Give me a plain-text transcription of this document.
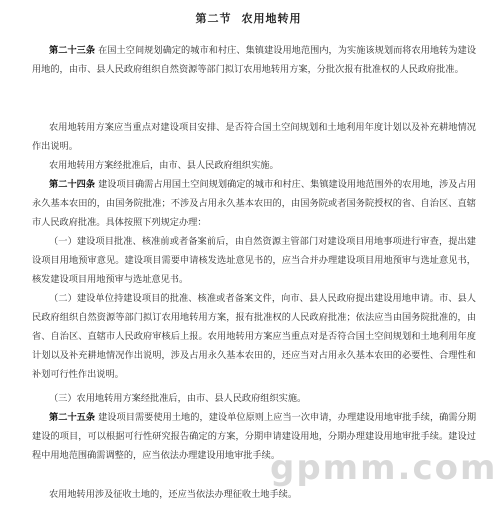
第二节 农用地转用

第二十三条 在国土空间规划确定的城市和村庄、集镇建设用地范围内，为实施该规划而将农用地转为建设用地的，由市、县人民政府组织自然资源等部门拟订农用地转用方案，分批次报有批准权的人民政府批准。

农用地转用方案应当重点对建设项目安排、是否符合国土空间规划和土地利用年度计划以及补充耕地情况作出说明。

农用地转用方案经批准后，由市、县人民政府组织实施。

第二十四条 建设项目确需占用国土空间规划确定的城市和村庄、集镇建设用地范围外的农用地，涉及占用永久基本农田的，由国务院批准；不涉及占用永久基本农田的，由国务院或者国务院授权的省、自治区、直辖市人民政府批准。具体按照下列规定办理：

（一）建设项目批准、核准前或者备案前后，由自然资源主管部门对建设项目用地事项进行审查，提出建设项目用地预审意见。建设项目需要申请核发选址意见书的，应当合并办理建设项目用地预审与选址意见书，核发建设项目用地预审与选址意见书。

（二）建设单位持建设项目的批准、核准或者备案文件，向市、县人民政府提出建设用地申请。市、县人民政府组织自然资源等部门拟订农用地转用方案，报有批准权的人民政府批准；依法应当由国务院批准的，由省、自治区、直辖市人民政府审核后上报。农用地转用方案应当重点对是否符合国土空间规划和土地利用年度计划以及补充耕地情况作出说明，涉及占用永久基本农田的，还应当对占用永久基本农田的必要性、合理性和补划可行性作出说明。

（三）农用地转用方案经批准后，由市、县人民政府组织实施。

第二十五条 建设项目需要使用土地的，建设单位原则上应当一次申请，办理建设用地审批手续，确需分期建设的项目，可以根据可行性研究报告确定的方案，分期申请建设用地，分期办理建设用地审批手续。建设过程中用地范围确需调整的，应当依法办理建设用地审批手续。

农用地转用涉及征收土地的，还应当依法办理征收土地手续。

gpmm.com
